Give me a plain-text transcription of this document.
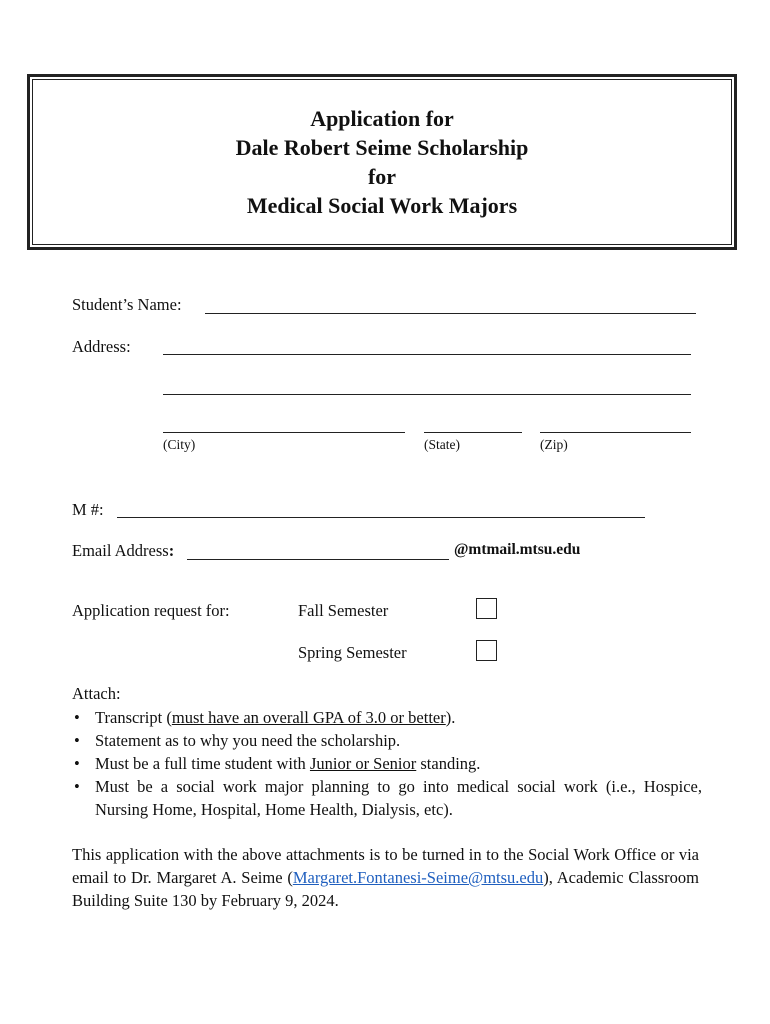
Application for
Dale Robert Seime Scholarship
for
Medical Social Work Majors
Student’s Name:
Address:
(City)	(State)	(Zip)
M #:
Email Address:	@mtmail.mtsu.edu
Application request for:	Fall Semester
Spring Semester
Attach:
• Transcript (must have an overall GPA of 3.0 or better).
• Statement as to why you need the scholarship.
• Must be a full time student with Junior or Senior standing.
• Must be a social work major planning to go into medical social work (i.e., Hospice, Nursing Home, Hospital, Home Health, Dialysis, etc).
This application with the above attachments is to be turned in to the Social Work Office or via email to Dr. Margaret A. Seime (Margaret.Fontanesi-Seime@mtsu.edu), Academic Classroom Building Suite 130 by February 9, 2024.
